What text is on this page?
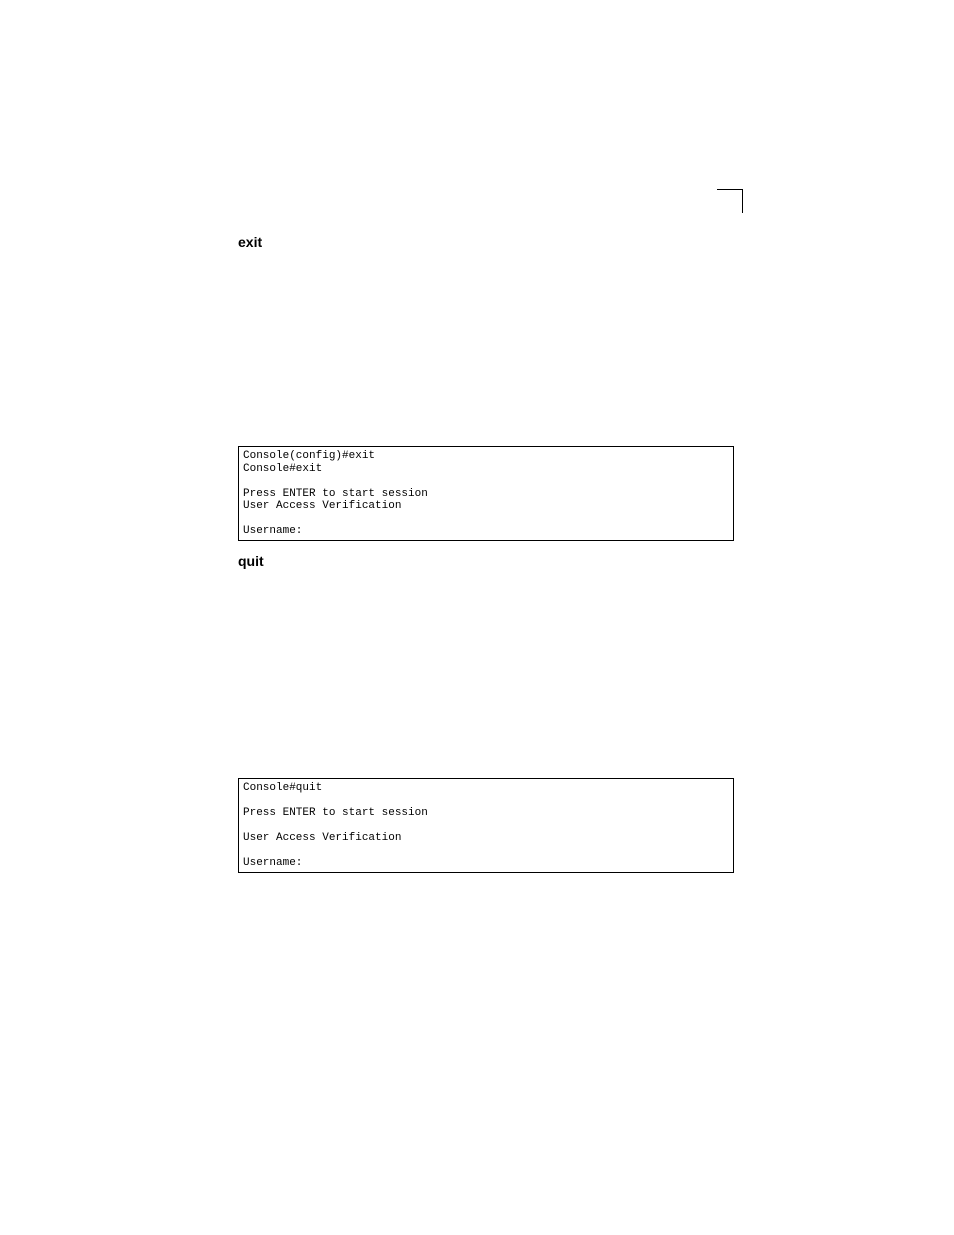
exit
Console(config)#exit
Console#exit
Press ENTER to start session
User Access Verification
Username:
quit
Console#quit
Press ENTER to start session
User Access Verification
Username:
